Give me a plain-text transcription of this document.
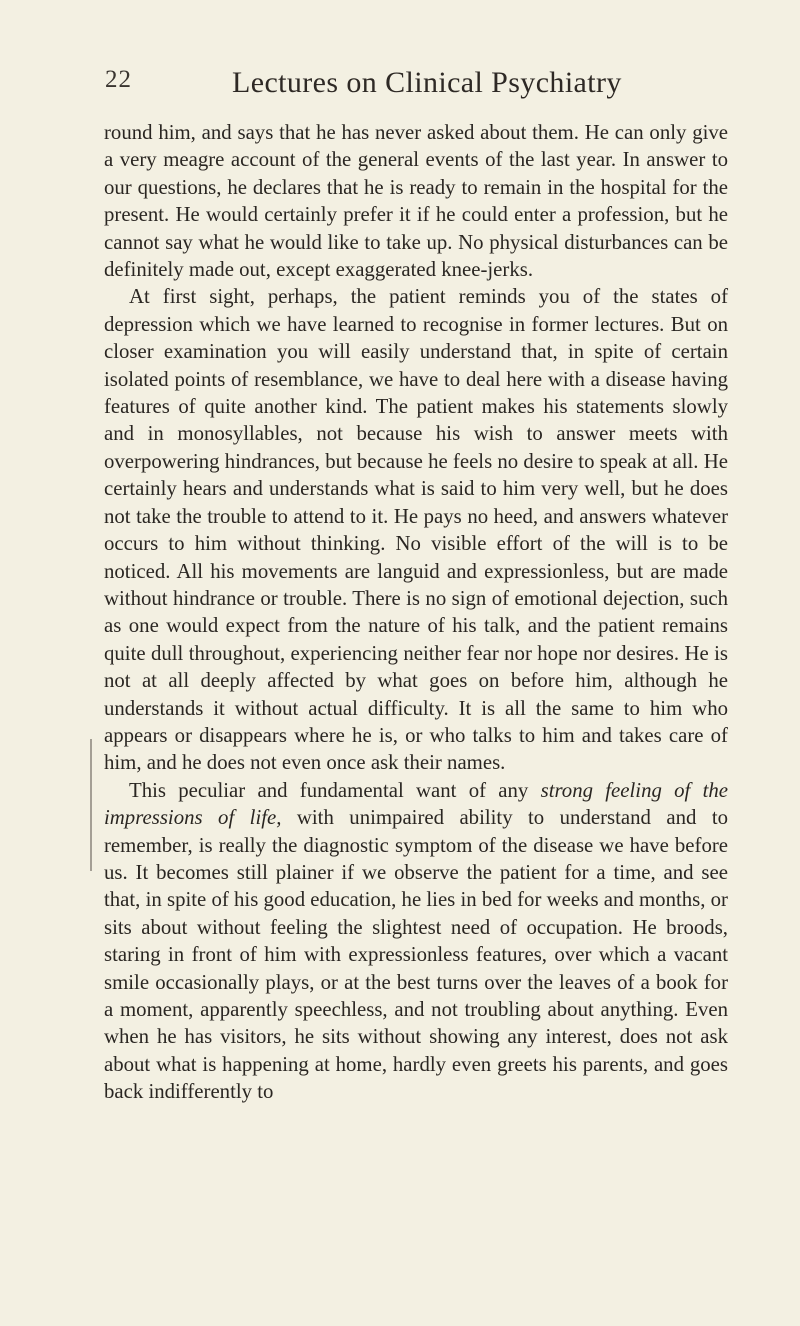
22	Lectures on Clinical Psychiatry

round him, and says that he has never asked about them. He can only give a very meagre account of the general events of the last year. In answer to our questions, he declares that he is ready to remain in the hospital for the present. He would certainly prefer it if he could enter a profession, but he cannot say what he would like to take up. No physical disturbances can be definitely made out, except exaggerated knee-jerks.

At first sight, perhaps, the patient reminds you of the states of depression which we have learned to recognise in former lectures. But on closer examination you will easily understand that, in spite of certain isolated points of resemblance, we have to deal here with a disease having features of quite another kind. The patient makes his statements slowly and in monosyllables, not because his wish to answer meets with overpowering hindrances, but because he feels no desire to speak at all. He certainly hears and understands what is said to him very well, but he does not take the trouble to attend to it. He pays no heed, and answers whatever occurs to him without thinking. No visible effort of the will is to be noticed. All his movements are languid and expressionless, but are made without hindrance or trouble. There is no sign of emotional dejection, such as one would expect from the nature of his talk, and the patient remains quite dull throughout, experiencing neither fear nor hope nor desires. He is not at all deeply affected by what goes on before him, although he understands it without actual difficulty. It is all the same to him who appears or disappears where he is, or who talks to him and takes care of him, and he does not even once ask their names.

This peculiar and fundamental want of any strong feeling of the impressions of life, with unimpaired ability to understand and to remember, is really the diagnostic symptom of the disease we have before us. It becomes still plainer if we observe the patient for a time, and see that, in spite of his good education, he lies in bed for weeks and months, or sits about without feeling the slightest need of occupation. He broods, staring in front of him with expressionless features, over which a vacant smile occasionally plays, or at the best turns over the leaves of a book for a moment, apparently speechless, and not troubling about anything. Even when he has visitors, he sits without showing any interest, does not ask about what is happening at home, hardly even greets his parents, and goes back indifferently to
